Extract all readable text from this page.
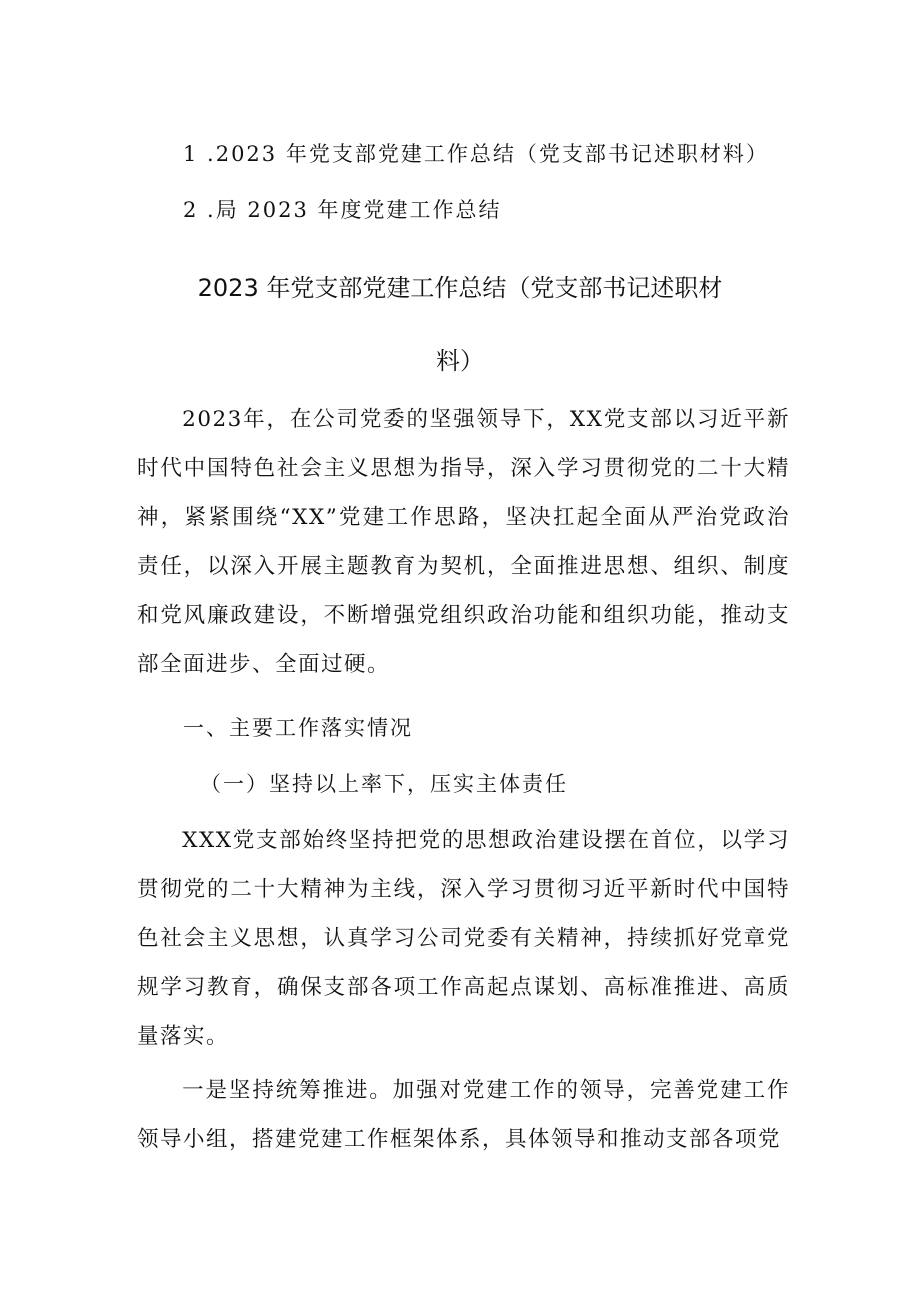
1 .2023 年党支部党建工作总结（党支部书记述职材料）
2 .局 2023 年度党建工作总结
2023 年党支部党建工作总结（党支部书记述职材
料）
2023年，在公司党委的坚强领导下，XX党支部以习近平新时代中国特色社会主义思想为指导，深入学习贯彻党的二十大精神，紧紧围绕“XX”党建工作思路，坚决扛起全面从严治党政治责任，以深入开展主题教育为契机，全面推进思想、组织、制度和党风廉政建设，不断增强党组织政治功能和组织功能，推动支部全面进步、全面过硬。
一、主要工作落实情况
（一）坚持以上率下，压实主体责任
XXX党支部始终坚持把党的思想政治建设摆在首位，以学习贯彻党的二十大精神为主线，深入学习贯彻习近平新时代中国特色社会主义思想，认真学习公司党委有关精神，持续抓好党章党规学习教育，确保支部各项工作高起点谋划、高标准推进、高质量落实。
一是坚持统筹推进。加强对党建工作的领导，完善党建工作领导小组，搭建党建工作框架体系，具体领导和推动支部各项党
